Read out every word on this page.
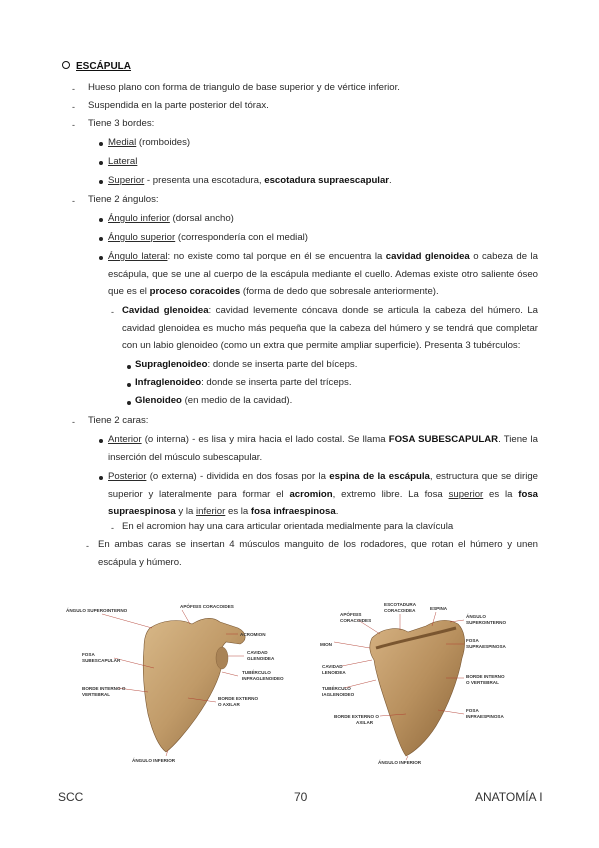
ESCÁPULA
- Hueso plano con forma de triangulo de base superior y de vértice inferior.
- Suspendida en la parte posterior del tórax.
- Tiene 3 bordes:
Medial (romboides)
Lateral
Superior - presenta una escotadura, escotadura supraescapular.
- Tiene 2 ángulos:
Ángulo inferior (dorsal ancho)
Ángulo superior (correspondería con el medial)
Ángulo lateral: no existe como tal porque en él se encuentra la cavidad glenoidea o cabeza de la escápula, que se une al cuerpo de la escápula mediante el cuello. Ademas existe otro saliente óseo que es el proceso coracoides (forma de dedo que sobresale anteriormente).
- Cavidad glenoidea: cavidad levemente cóncava donde se articula la cabeza del húmero. La cavidad glenoidea es mucho más pequeña que la cabeza del húmero y se tendrá que completar con un labio glenoideo (como un extra que permite ampliar superficie). Presenta 3 tubérculos:
Supraglenoideo: donde se inserta parte del bíceps.
Infraglenoideo: donde se inserta parte del tríceps.
Glenoideo (en medio de la cavidad).
- Tiene 2 caras:
Anterior (o interna) - es lisa y mira hacia el lado costal. Se llama FOSA SUBESCAPULAR. Tiene la inserción del músculo subescapular.
Posterior (o externa) - dividida en dos fosas por la espina de la escápula, estructura que se dirige superior y lateralmente para formar el acromion, extremo libre. La fosa superior es la fosa supraespinosa y la inferior es la fosa infraespinosa.
- En el acromion hay una cara articular orientada medialmente para la clavícula
- En ambas caras se insertan 4 músculos manguito de los rodadores, que rotan el húmero y unen escápula y húmero.
ÁNGULO SUPEROINTERNO
APÓFISIS CORACOIDES
ACROMION
FOSA
SUBESCAPULAR
CAVIDAD
GLENOIDEA
TUBÉRCULO
INFRAGLENOIDEO
BORDE INTERNO O
VERTEBRAL
BORDE EXTERNO
O AXILAR
ÁNGULO INFERIOR
APÓFISIS
CORACOIDES
ESCOTADURA
CORACOIDEA	ESPINA
ÁNGULO
SUPEROINTERNO
FOSA
SUPRAESPINOSA
MION
CAVIDAD
LENOIDEA
TUBÉRCULO
IAGLENOIDEO
BORDE INTERNO
O VERTEBRAL
BORDE EXTERNO O
AXILAR
FOSA
INFRAESPINOSA
ÁNGULO INFERIOR
SCC	70	ANATOMÍA I
